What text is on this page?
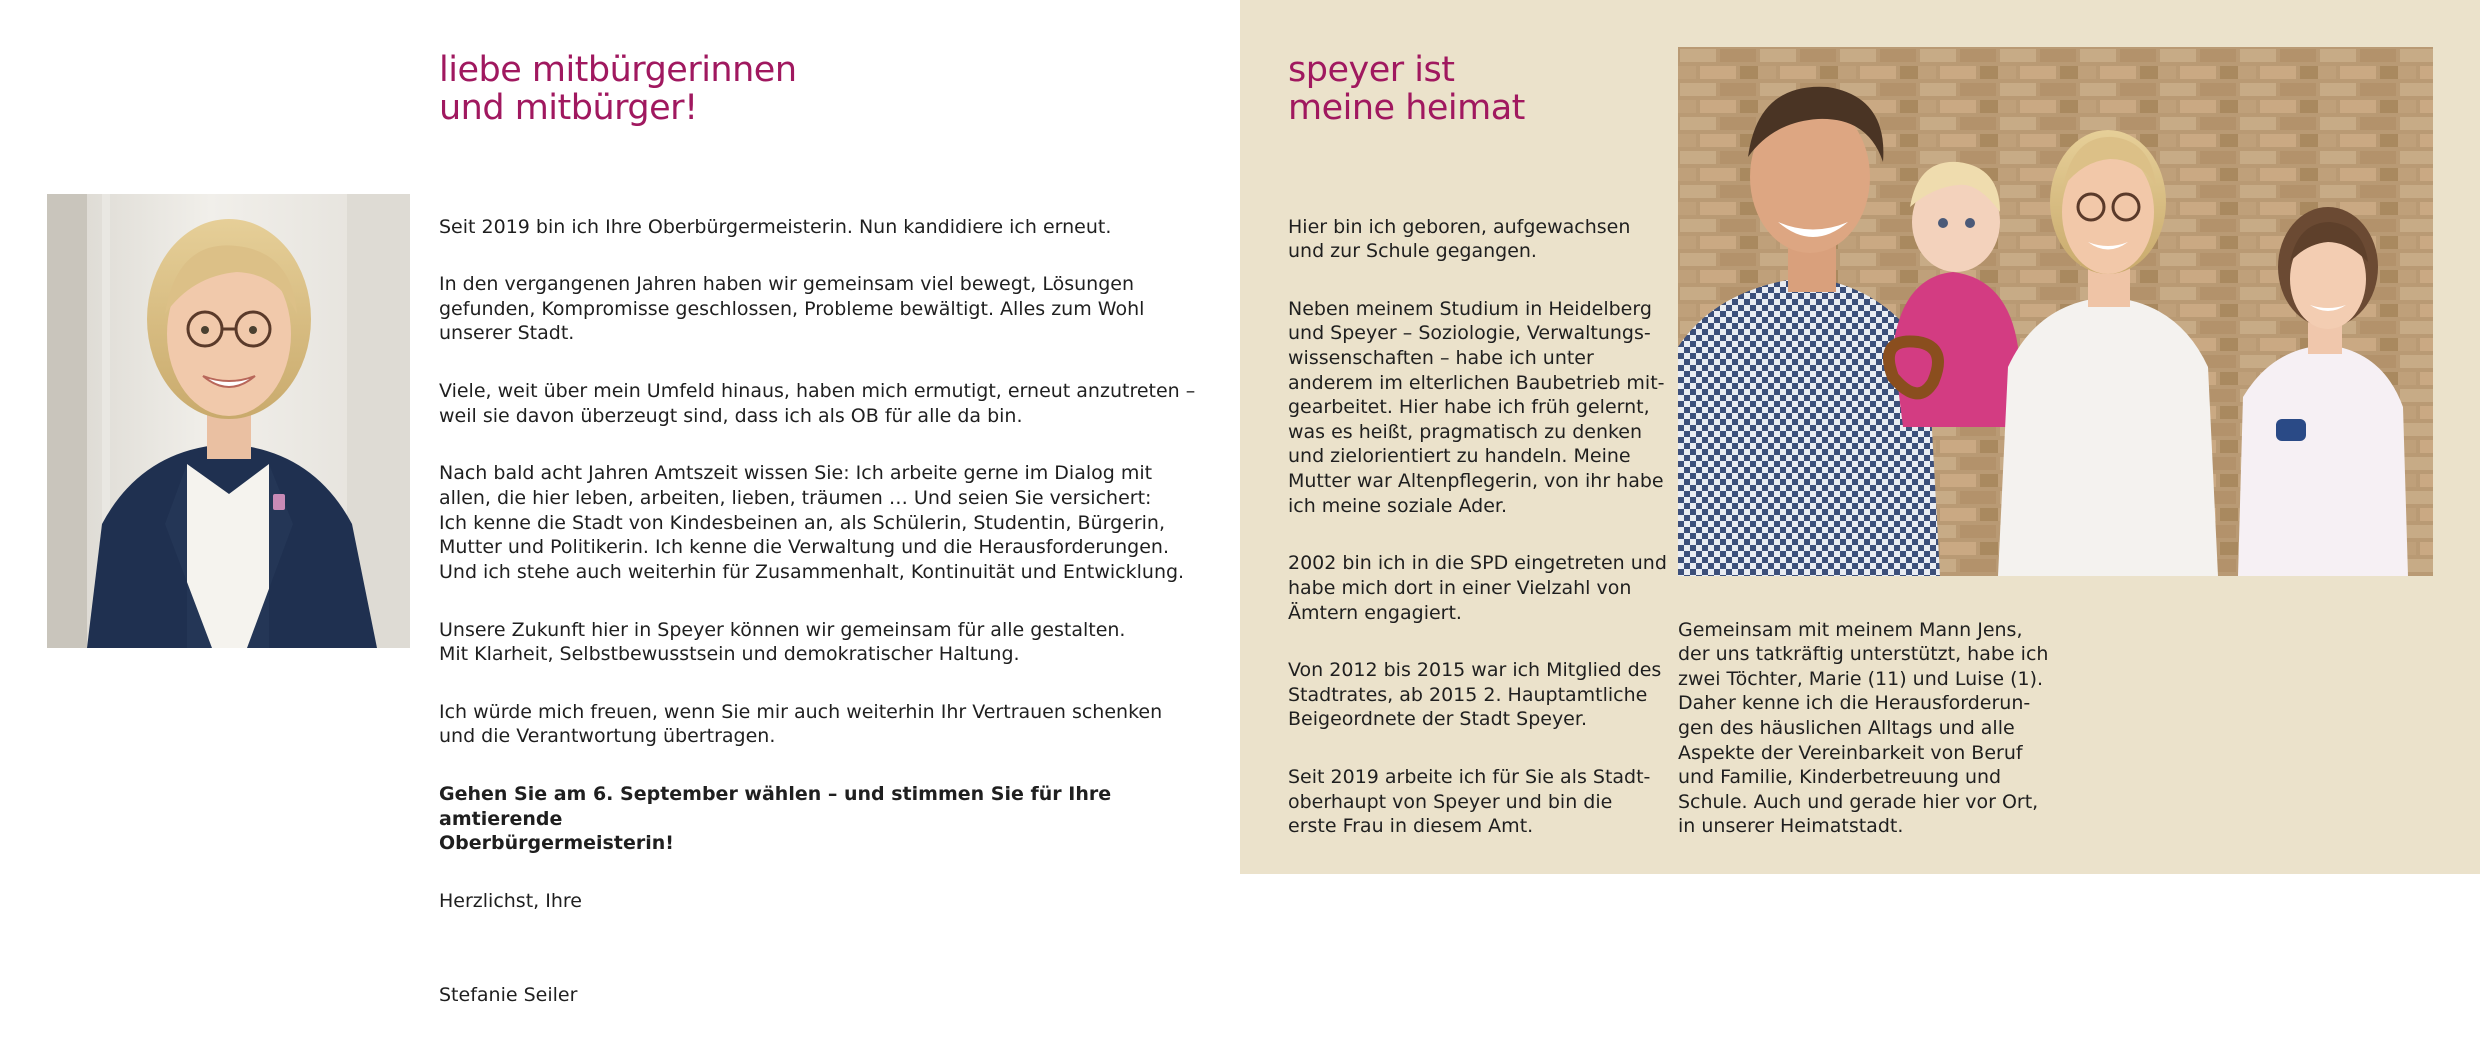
liebe mitbürgerinnen
und mitbürger!

Seit 2019 bin ich Ihre Oberbürgermeisterin. Nun kandidiere ich erneut.

In den vergangenen Jahren haben wir gemeinsam viel bewegt, Lösungen
gefunden, Kompromisse geschlossen, Probleme bewältigt. Alles zum Wohl
unserer Stadt.

Viele, weit über mein Umfeld hinaus, haben mich ermutigt, erneut anzutreten –
weil sie davon überzeugt sind, dass ich als OB für alle da bin.

Nach bald acht Jahren Amtszeit wissen Sie: Ich arbeite gerne im Dialog mit
allen, die hier leben, arbeiten, lieben, träumen … Und seien Sie versichert:
Ich kenne die Stadt von Kindesbeinen an, als Schülerin, Studentin, Bürgerin,
Mutter und Politikerin. Ich kenne die Verwaltung und die Herausforderungen.
Und ich stehe auch weiterhin für Zusammenhalt, Kontinuität und Entwicklung.

Unsere Zukunft hier in Speyer können wir gemeinsam für alle gestalten.
Mit Klarheit, Selbstbewusstsein und demokratischer Haltung.

Ich würde mich freuen, wenn Sie mir auch weiterhin Ihr Vertrauen schenken
und die Verantwortung übertragen.

Gehen Sie am 6. September wählen – und stimmen Sie für Ihre amtierende
Oberbürgermeisterin!

Herzlichst, Ihre

Stefanie Seiler

speyer ist
meine heimat

Hier bin ich geboren, aufgewachsen
und zur Schule gegangen.

Neben meinem Studium in Heidelberg
und Speyer – Soziologie, Verwaltungs-
wissenschaften – habe ich unter
anderem im elterlichen Baubetrieb mit-
gearbeitet. Hier habe ich früh gelernt,
was es heißt, pragmatisch zu denken
und zielorientiert zu handeln. Meine
Mutter war Altenpflegerin, von ihr habe
ich meine soziale Ader.

2002 bin ich in die SPD eingetreten und
habe mich dort in einer Vielzahl von
Ämtern engagiert.

Von 2012 bis 2015 war ich Mitglied des
Stadtrates, ab 2015 2. Hauptamtliche
Beigeordnete der Stadt Speyer.

Seit 2019 arbeite ich für Sie als Stadt-
oberhaupt von Speyer und bin die
erste Frau in diesem Amt.

Gemeinsam mit meinem Mann Jens,
der uns tatkräftig unterstützt, habe ich
zwei Töchter, Marie (11) und Luise (1).
Daher kenne ich die Herausforderun-
gen des häuslichen Alltags und alle
Aspekte der Vereinbarkeit von Beruf
und Familie, Kinderbetreuung und
Schule. Auch und gerade hier vor Ort,
in unserer Heimatstadt.
